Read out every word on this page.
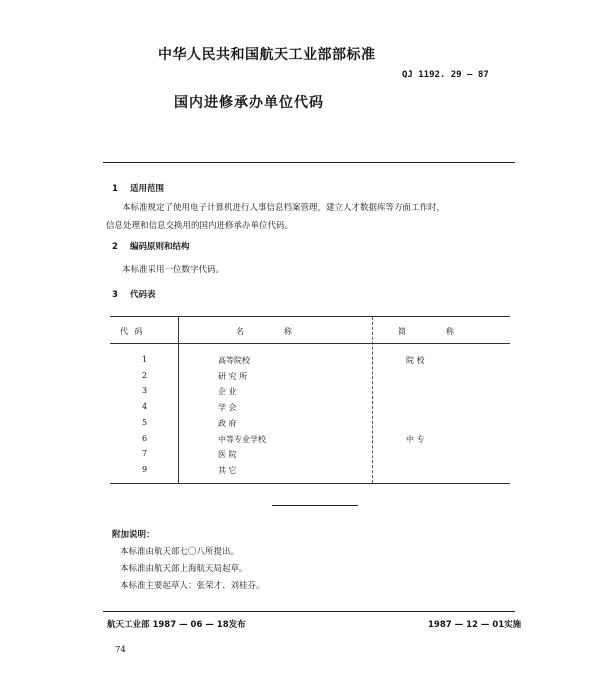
中华人民共和国航天工业部部标准
QJ 1192. 29 — 87
国内进修承办单位代码
1 适用范围
本标准规定了使用电子计算机进行人事信息档案管理，建立人才数据库等方面工作时，
信息处理和信息交换用的国内进修承办单位代码。
2 编码原则和结构
本标准采用一位数字代码。
3 代码表
代 码	名称	简称
1	高等院校	院 校
2	研 究 所
3	企 业
4	学 会
5	政 府
6	中等专业学校	中 专
7	医 院
9	其 它
附加说明：
本标准由航天部七〇八所提出。
本标准由航天部上海航天局起草。
本标准主要起草人：张荣才、刘桂芬。
航天工业部 1987 — 06 — 18发布	1987 — 12 — 01实施
74
